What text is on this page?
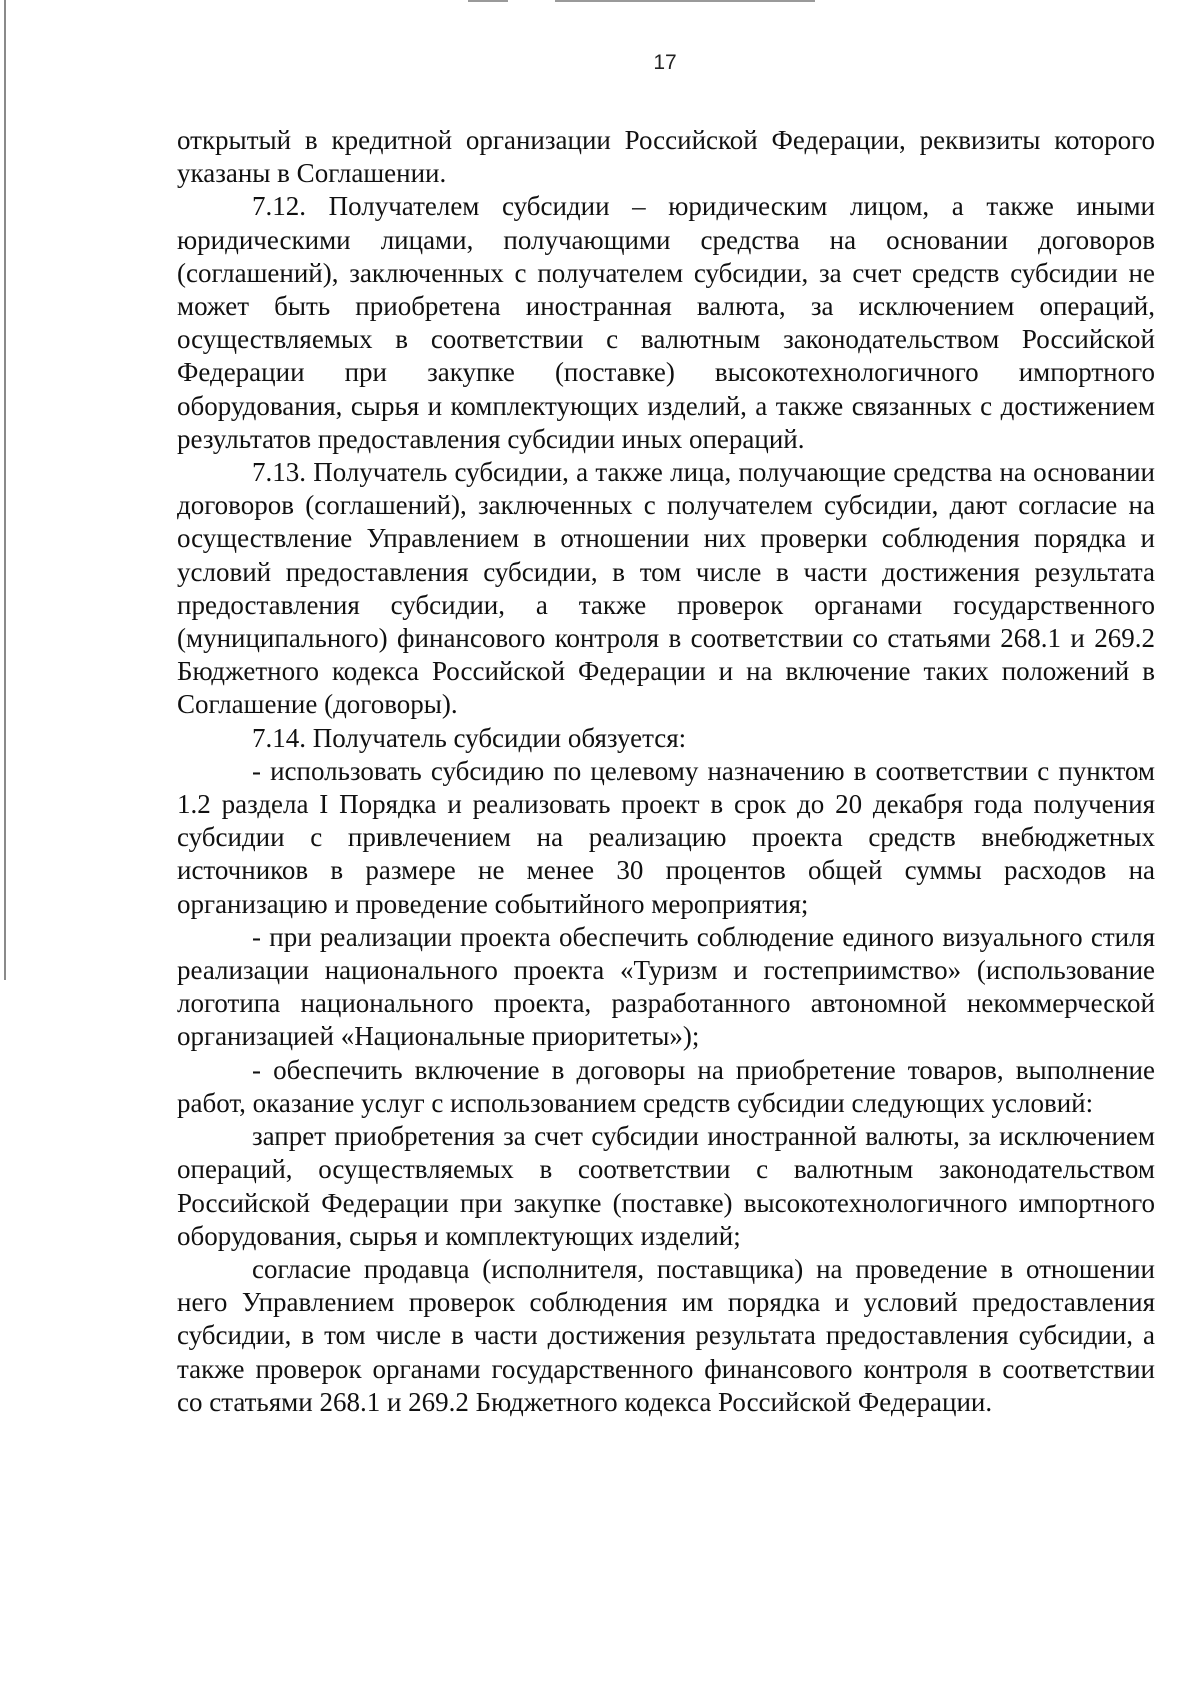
17

открытый в кредитной организации Российской Федерации, реквизиты которого указаны в Соглашении.

7.12. Получателем субсидии – юридическим лицом, а также иными юридическими лицами, получающими средства на основании договоров (соглашений), заключенных с получателем субсидии, за счет средств субсидии не может быть приобретена иностранная валюта, за исключением операций, осуществляемых в соответствии с валютным законодательством Российской Федерации при закупке (поставке) высокотехнологичного импортного оборудования, сырья и комплектующих изделий, а также связанных с достижением результатов предоставления субсидии иных операций.

7.13. Получатель субсидии, а также лица, получающие средства на основании договоров (соглашений), заключенных с получателем субсидии, дают согласие на осуществление Управлением в отношении них проверки соблюдения порядка и условий предоставления субсидии, в том числе в части достижения результата предоставления субсидии, а также проверок органами государственного (муниципального) финансового контроля в соответствии со статьями 268.1 и 269.2 Бюджетного кодекса Российской Федерации и на включение таких положений в Соглашение (договоры).

7.14. Получатель субсидии обязуется:

- использовать субсидию по целевому назначению в соответствии с пунктом 1.2 раздела I Порядка и реализовать проект в срок до 20 декабря года получения субсидии с привлечением на реализацию проекта средств внебюджетных источников в размере не менее 30 процентов общей суммы расходов на организацию и проведение событийного мероприятия;

- при реализации проекта обеспечить соблюдение единого визуального стиля реализации национального проекта «Туризм и гостеприимство» (использование логотипа национального проекта, разработанного автономной некоммерческой организацией «Национальные приоритеты»);

- обеспечить включение в договоры на приобретение товаров, выполнение работ, оказание услуг с использованием средств субсидии следующих условий:

запрет приобретения за счет субсидии иностранной валюты, за исключением операций, осуществляемых в соответствии с валютным законодательством Российской Федерации при закупке (поставке) высокотехнологичного импортного оборудования, сырья и комплектующих изделий;

согласие продавца (исполнителя, поставщика) на проведение в отношении него Управлением проверок соблюдения им порядка и условий предоставления субсидии, в том числе в части достижения результата предоставления субсидии, а также проверок органами государственного финансового контроля в соответствии со статьями 268.1 и 269.2 Бюджетного кодекса Российской Федерации.
